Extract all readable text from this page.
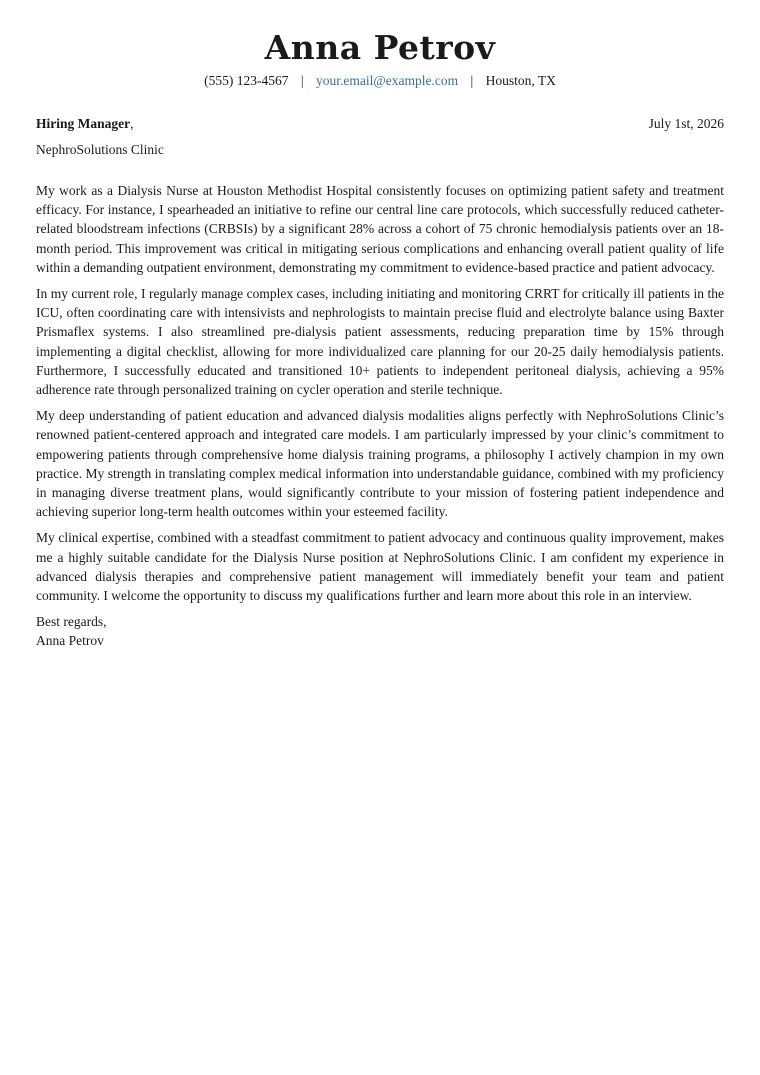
Anna Petrov
(555) 123-4567 | your.email@example.com | Houston, TX
Hiring Manager,	July 1st, 2026
NephroSolutions Clinic

My work as a Dialysis Nurse at Houston Methodist Hospital consistently focuses on optimizing patient safety and treatment efficacy. For instance, I spearheaded an initiative to refine our central line care protocols, which successfully reduced catheter-related bloodstream infections (CRBSIs) by a significant 28% across a cohort of 75 chronic hemodialysis patients over an 18-month period. This improvement was critical in mitigating serious complications and enhancing overall patient quality of life within a demanding outpatient environment, demonstrating my commitment to evidence-based practice and patient advocacy.

In my current role, I regularly manage complex cases, including initiating and monitoring CRRT for critically ill patients in the ICU, often coordinating care with intensivists and nephrologists to maintain precise fluid and electrolyte balance using Baxter Prismaflex systems. I also streamlined pre-dialysis patient assessments, reducing preparation time by 15% through implementing a digital checklist, allowing for more individualized care planning for our 20-25 daily hemodialysis patients. Furthermore, I successfully educated and transitioned 10+ patients to independent peritoneal dialysis, achieving a 95% adherence rate through personalized training on cycler operation and sterile technique.

My deep understanding of patient education and advanced dialysis modalities aligns perfectly with NephroSolutions Clinic’s renowned patient-centered approach and integrated care models. I am particularly impressed by your clinic’s commitment to empowering patients through comprehensive home dialysis training programs, a philosophy I actively champion in my own practice. My strength in translating complex medical information into understandable guidance, combined with my proficiency in managing diverse treatment plans, would significantly contribute to your mission of fostering patient independence and achieving superior long-term health outcomes within your esteemed facility.

My clinical expertise, combined with a steadfast commitment to patient advocacy and continuous quality improvement, makes me a highly suitable candidate for the Dialysis Nurse position at NephroSolutions Clinic. I am confident my experience in advanced dialysis therapies and comprehensive patient management will immediately benefit your team and patient community. I welcome the opportunity to discuss my qualifications further and learn more about this role in an interview.

Best regards,
Anna Petrov
